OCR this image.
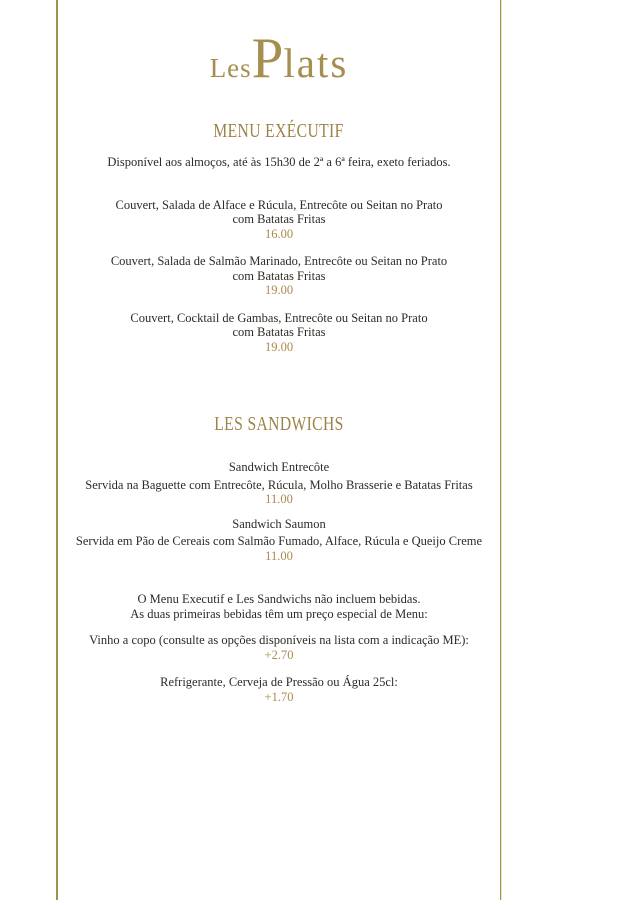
LesPlats
MENU EXÉCUTIF

Disponível aos almoços, até às 15h30 de 2ª a 6ª feira, exeto feriados.

Couvert, Salada de Alface e Rúcula, Entrecôte ou Seitan no Prato

com Batatas Fritas

16.00

Couvert, Salada de Salmão Marinado, Entrecôte ou Seitan no Prato

com Batatas Fritas

19.00

Couvert, Cocktail de Gambas, Entrecôte ou Seitan no Prato

com Batatas Fritas

19.00

LES SANDWICHS

Sandwich Entrecôte

Servida na Baguette com Entrecôte, Rúcula, Molho Brasserie e Batatas Fritas

11.00

Sandwich Saumon

Servida em Pão de Cereais com Salmão Fumado, Alface, Rúcula e Queijo Creme

11.00

O Menu Executif e Les Sandwichs não incluem bebidas.

As duas primeiras bebidas têm um preço especial de Menu:

Vinho a copo (consulte as opções disponíveis na lista com a indicação ME):

+2.70

Refrigerante, Cerveja de Pressão ou Água 25cl:

+1.70
